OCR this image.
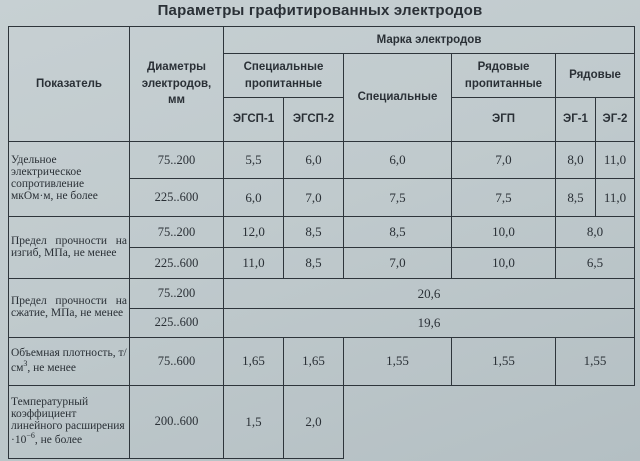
Параметры графитированных электродов
Показатель	Диаметры электродов, мм	Марка электродов					
		Специальные пропитанные		Специальные	Рядовые пропитанные	Рядовые	
		ЭГСП-1	ЭГСП-2		ЭГП	ЭГ-1	ЭГ-2
Удельное электрическое сопротивление мкОм·м, не более	75..200	5,5	6,0	6,0	7,0	8,0	11,0
	225..600	6,0	7,0	7,5	7,5	8,5	11,0
Предел прочности на изгиб, МПа, не менее	75..200	12,0	8,5	8,5	10,0	8,0	
	225..600	11,0	8,5	7,0	10,0	6,5	
Предел прочности на сжатие, МПа, не менее	75..200	20,6					
	225..600	19,6					
Объемная плотность, $т/см^3$, не менее	75..600	1,65	1,65	1,55	1,55	1,55	
Температурный коэффициент линейного расширения $\cdot 10^{-6}$, не более	200..600	1,5	2,0				
